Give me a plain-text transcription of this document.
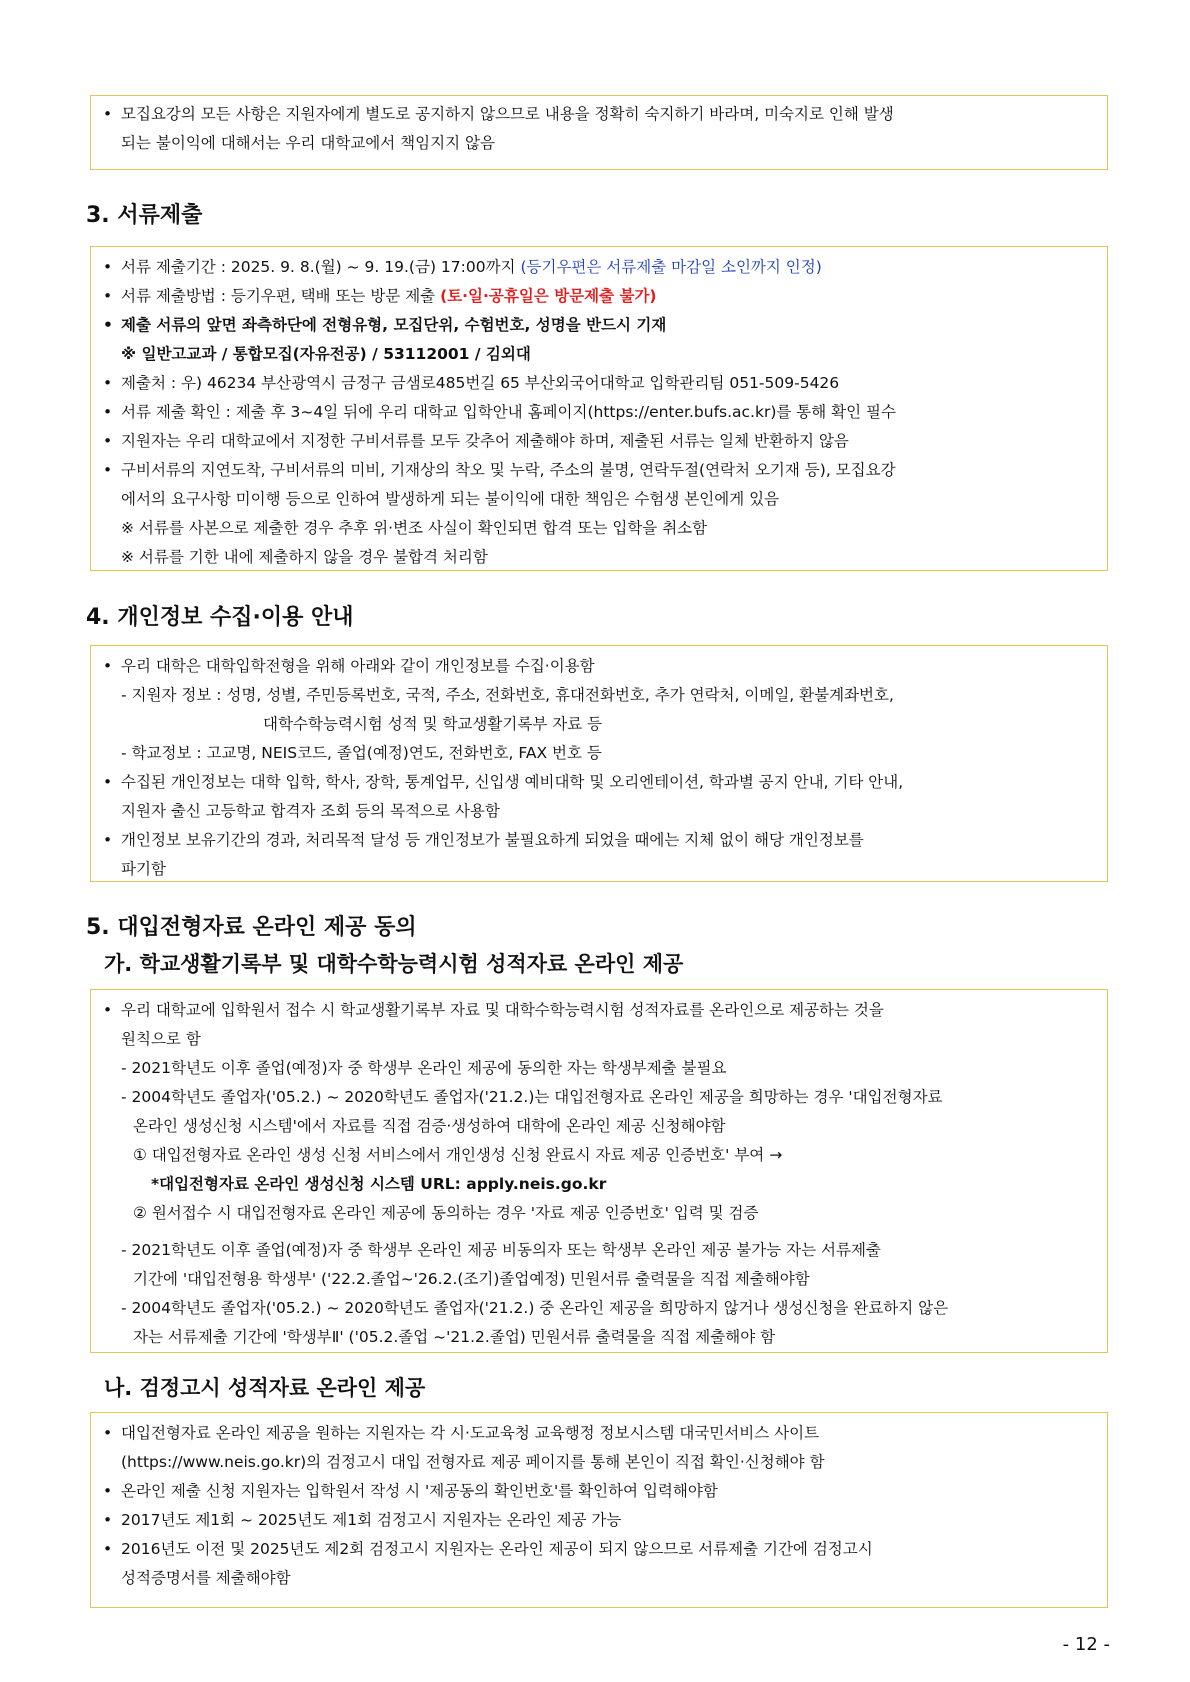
• 모집요강의 모든 사항은 지원자에게 별도로 공지하지 않으므로 내용을 정확히 숙지하기 바라며, 미숙지로 인해 발생
되는 불이익에 대해서는 우리 대학교에서 책임지지 않음
3. 서류제출
• 서류 제출기간 : 2025. 9. 8.(월) ~ 9. 19.(금) 17:00까지 (등기우편은 서류제출 마감일 소인까지 인정)
• 서류 제출방법 : 등기우편, 택배 또는 방문 제출 (토·일·공휴일은 방문제출 불가)
• 제출 서류의 앞면 좌측하단에 전형유형, 모집단위, 수험번호, 성명을 반드시 기재
※ 일반고교과 / 통합모집(자유전공) / 53112001 / 김외대
• 제출처 : 우) 46234 부산광역시 금정구 금샘로485번길 65 부산외국어대학교 입학관리팀 051-509-5426
• 서류 제출 확인 : 제출 후 3~4일 뒤에 우리 대학교 입학안내 홈페이지(https://enter.bufs.ac.kr)를 통해 확인 필수
• 지원자는 우리 대학교에서 지정한 구비서류를 모두 갖추어 제출해야 하며, 제출된 서류는 일체 반환하지 않음
• 구비서류의 지연도착, 구비서류의 미비, 기재상의 착오 및 누락, 주소의 불명, 연락두절(연락처 오기재 등), 모집요강
에서의 요구사항 미이행 등으로 인하여 발생하게 되는 불이익에 대한 책임은 수험생 본인에게 있음
※ 서류를 사본으로 제출한 경우 추후 위·변조 사실이 확인되면 합격 또는 입학을 취소함
※ 서류를 기한 내에 제출하지 않을 경우 불합격 처리함
4. 개인정보 수집·이용 안내
• 우리 대학은 대학입학전형을 위해 아래와 같이 개인정보를 수집·이용함
- 지원자 정보 : 성명, 성별, 주민등록번호, 국적, 주소, 전화번호, 휴대전화번호, 추가 연락처, 이메일, 환불계좌번호,
대학수학능력시험 성적 및 학교생활기록부 자료 등
- 학교정보 : 고교명, NEIS코드, 졸업(예정)연도, 전화번호, FAX 번호 등
• 수집된 개인정보는 대학 입학, 학사, 장학, 통계업무, 신입생 예비대학 및 오리엔테이션, 학과별 공지 안내, 기타 안내,
지원자 출신 고등학교 합격자 조회 등의 목적으로 사용함
• 개인정보 보유기간의 경과, 처리목적 달성 등 개인정보가 불필요하게 되었을 때에는 지체 없이 해당 개인정보를
파기함
5. 대입전형자료 온라인 제공 동의
가. 학교생활기록부 및 대학수학능력시험 성적자료 온라인 제공
• 우리 대학교에 입학원서 접수 시 학교생활기록부 자료 및 대학수학능력시험 성적자료를 온라인으로 제공하는 것을
원칙으로 함
- 2021학년도 이후 졸업(예정)자 중 학생부 온라인 제공에 동의한 자는 학생부제출 불필요
- 2004학년도 졸업자('05.2.) ~ 2020학년도 졸업자('21.2.)는 대입전형자료 온라인 제공을 희망하는 경우 '대입전형자료
온라인 생성신청 시스템'에서 자료를 직접 검증·생성하여 대학에 온라인 제공 신청해야함
① 대입전형자료 온라인 생성 신청 서비스에서 개인생성 신청 완료시 자료 제공 인증번호' 부여 →
*대입전형자료 온라인 생성신청 시스템 URL: apply.neis.go.kr
② 원서접수 시 대입전형자료 온라인 제공에 동의하는 경우 '자료 제공 인증번호' 입력 및 검증
- 2021학년도 이후 졸업(예정)자 중 학생부 온라인 제공 비동의자 또는 학생부 온라인 제공 불가능 자는 서류제출
기간에 '대입전형용 학생부' ('22.2.졸업~'26.2.(조기)졸업예정) 민원서류 출력물을 직접 제출해야함
- 2004학년도 졸업자('05.2.) ~ 2020학년도 졸업자('21.2.) 중 온라인 제공을 희망하지 않거나 생성신청을 완료하지 않은
자는 서류제출 기간에 '학생부Ⅱ' ('05.2.졸업 ~'21.2.졸업) 민원서류 출력물을 직접 제출해야 함
나. 검정고시 성적자료 온라인 제공
• 대입전형자료 온라인 제공을 원하는 지원자는 각 시·도교육청 교육행정 정보시스템 대국민서비스 사이트
(https://www.neis.go.kr)의 검정고시 대입 전형자료 제공 페이지를 통해 본인이 직접 확인·신청해야 함
• 온라인 제출 신청 지원자는 입학원서 작성 시 '제공동의 확인번호'를 확인하여 입력해야함
• 2017년도 제1회 ~ 2025년도 제1회 검정고시 지원자는 온라인 제공 가능
• 2016년도 이전 및 2025년도 제2회 검정고시 지원자는 온라인 제공이 되지 않으므로 서류제출 기간에 검정고시
성적증명서를 제출해야함
- 12 -
